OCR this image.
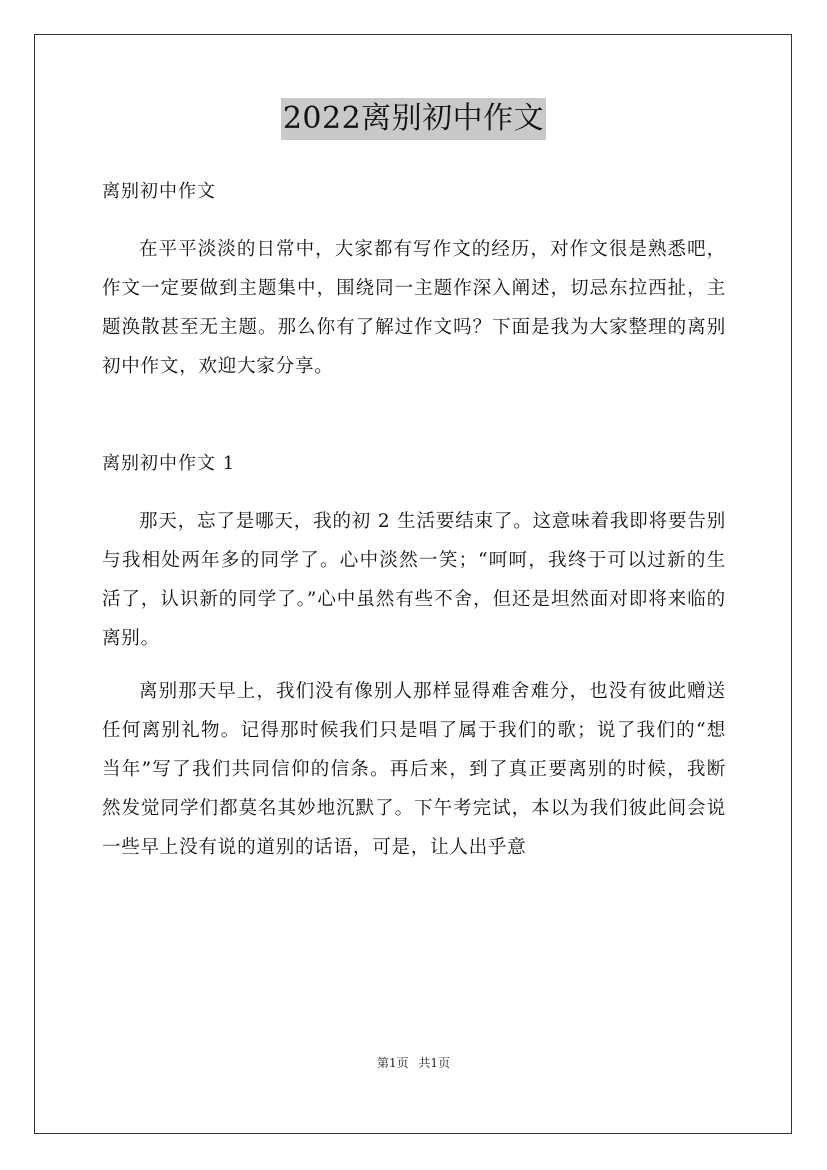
2022离别初中作文

离别初中作文

在平平淡淡的日常中，大家都有写作文的经历，对作文很是熟悉吧，作文一定要做到主题集中，围绕同一主题作深入阐述，切忌东拉西扯，主题涣散甚至无主题。那么你有了解过作文吗？下面是我为大家整理的离别初中作文，欢迎大家分享。

离别初中作文 1

那天，忘了是哪天，我的初 2 生活要结束了。这意味着我即将要告别与我相处两年多的同学了。心中淡然一笑；“呵呵，我终于可以过新的生活了，认识新的同学了。”心中虽然有些不舍，但还是坦然面对即将来临的离别。

离别那天早上，我们没有像别人那样显得难舍难分，也没有彼此赠送任何离别礼物。记得那时候我们只是唱了属于我们的歌；说了我们的“想当年”写了我们共同信仰的信条。再后来，到了真正要离别的时候，我断然发觉同学们都莫名其妙地沉默了。下午考完试，本以为我们彼此间会说一些早上没有说的道别的话语，可是，让人出乎意

第1页 共1页
